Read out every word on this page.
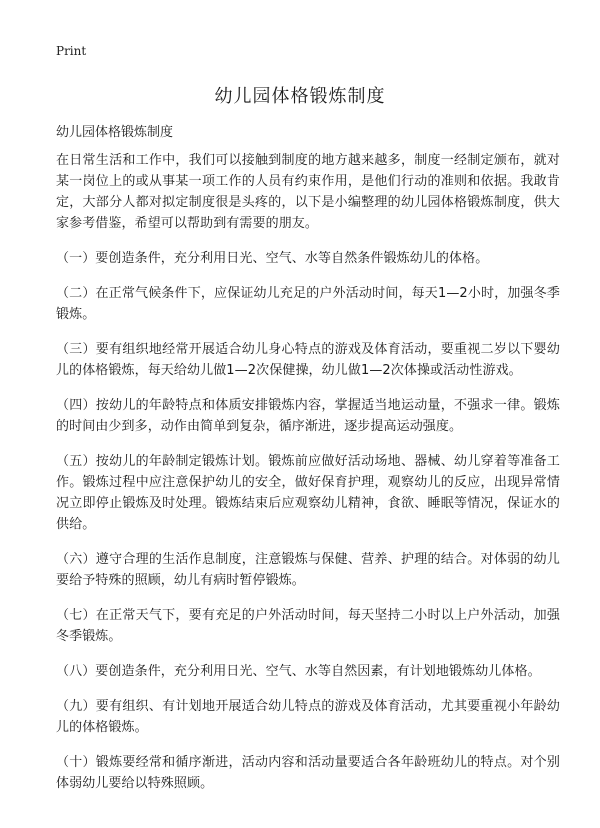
Print
幼儿园体格锻炼制度
幼儿园体格锻炼制度

在日常生活和工作中，我们可以接触到制度的地方越来越多，制度一经制定颁布，就对某一岗位上的或从事某一项工作的人员有约束作用，是他们行动的准则和依据。我敢肯定，大部分人都对拟定制度很是头疼的，以下是小编整理的幼儿园体格锻炼制度，供大家参考借鉴，希望可以帮助到有需要的朋友。

（一）要创造条件，充分利用日光、空气、水等自然条件锻炼幼儿的体格。

（二）在正常气候条件下，应保证幼儿充足的户外活动时间，每天1—2小时，加强冬季锻炼。

（三）要有组织地经常开展适合幼儿身心特点的游戏及体育活动，要重视二岁以下婴幼儿的体格锻炼，每天给幼儿做1—2次保健操，幼儿做1—2次体操或活动性游戏。

（四）按幼儿的年龄特点和体质安排锻炼内容，掌握适当地运动量，不强求一律。锻炼的时间由少到多，动作由简单到复杂，循序渐进，逐步提高运动强度。

（五）按幼儿的年龄制定锻炼计划。锻炼前应做好活动场地、器械、幼儿穿着等准备工作。锻炼过程中应注意保护幼儿的安全，做好保育护理，观察幼儿的反应，出现异常情况立即停止锻炼及时处理。锻炼结束后应观察幼儿精神，食欲、睡眠等情况，保证水的供给。

（六）遵守合理的生活作息制度，注意锻炼与保健、营养、护理的结合。对体弱的幼儿要给予特殊的照顾，幼儿有病时暂停锻炼。

（七）在正常天气下，要有充足的户外活动时间，每天坚持二小时以上户外活动，加强冬季锻炼。

（八）要创造条件，充分利用日光、空气、水等自然因素，有计划地锻炼幼儿体格。

（九）要有组织、有计划地开展适合幼儿特点的游戏及体育活动，尤其要重视小年龄幼儿的体格锻炼。

（十）锻炼要经常和循序渐进，活动内容和活动量要适合各年龄班幼儿的特点。对个别体弱幼儿要给以特殊照顾。
